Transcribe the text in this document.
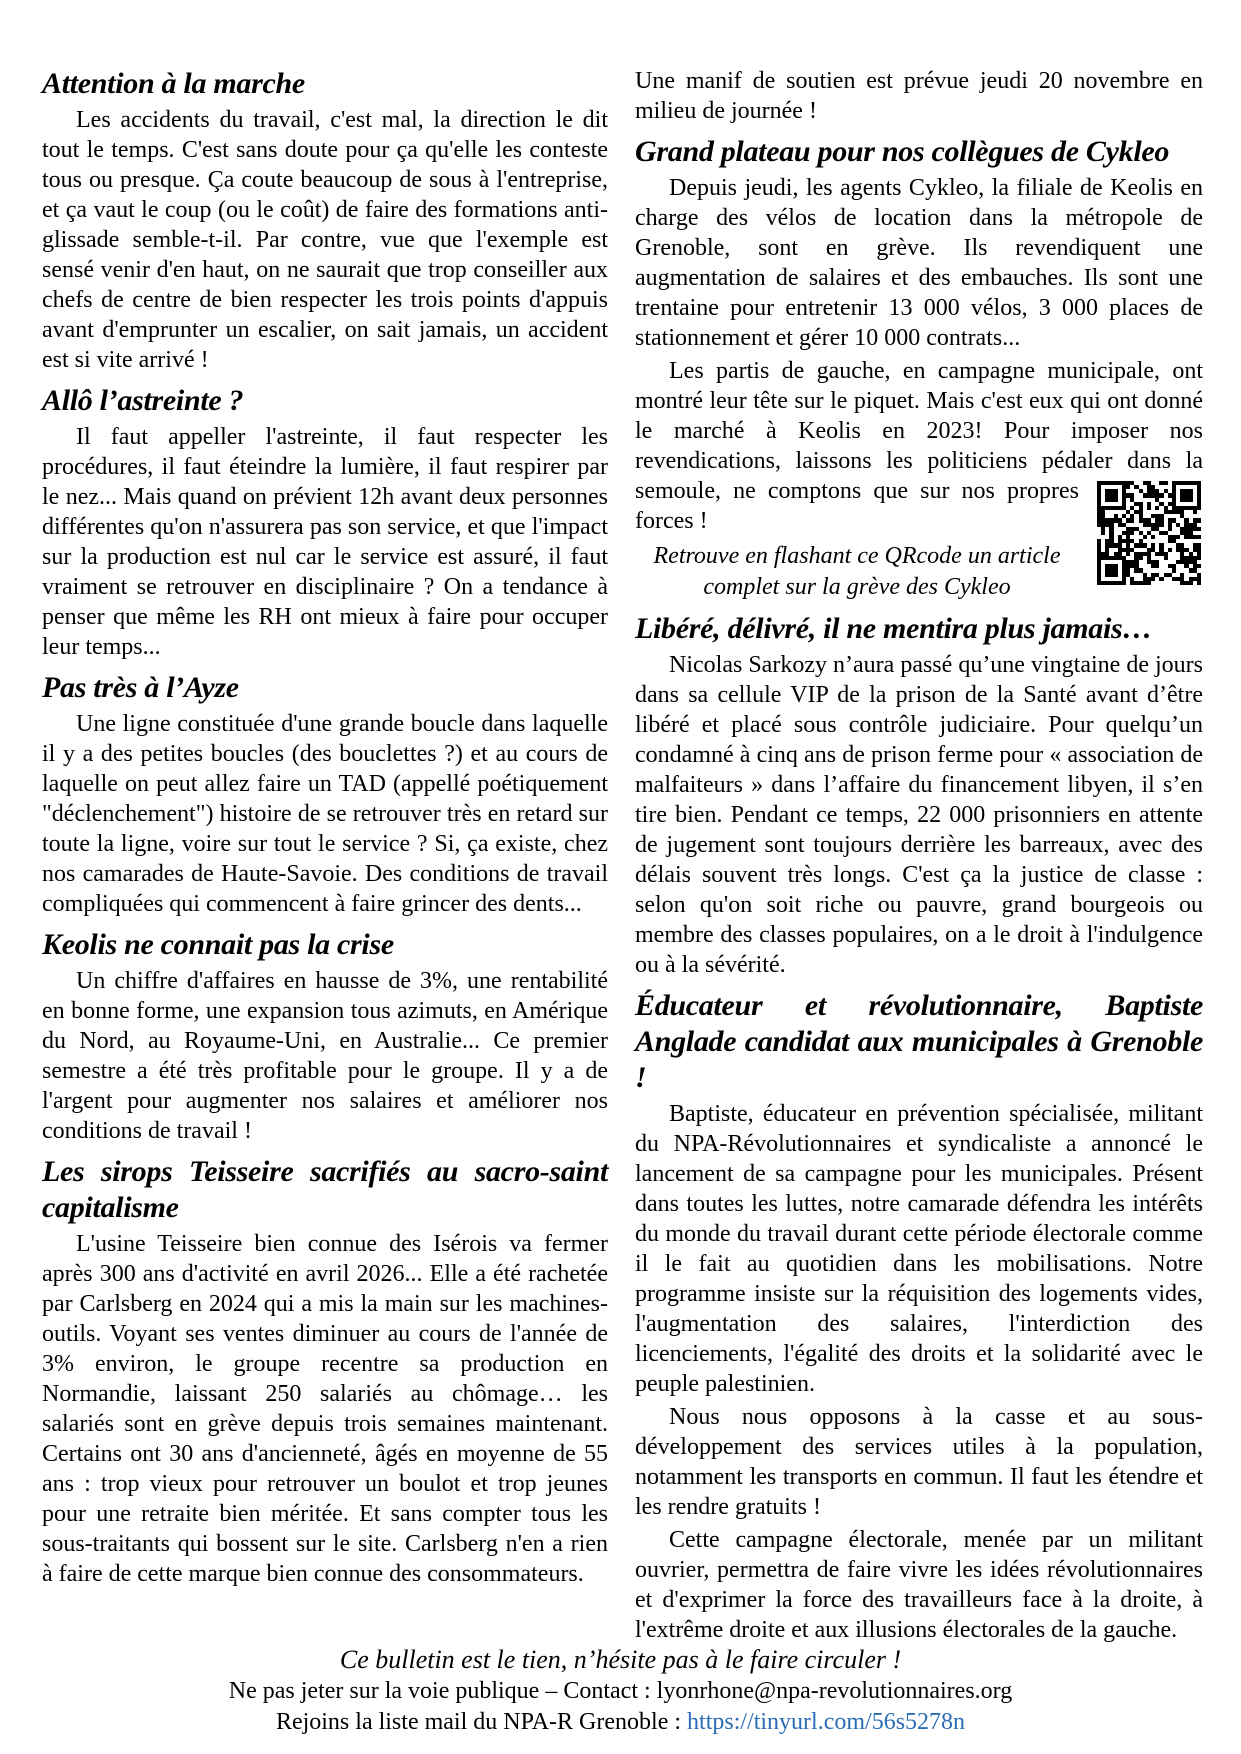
Attention à la marche

Les accidents du travail, c'est mal, la direction le dit tout le temps. C'est sans doute pour ça qu'elle les conteste tous ou presque. Ça coute beaucoup de sous à l'entreprise, et ça vaut le coup (ou le coût) de faire des formations anti-glissade semble-t-il. Par contre, vue que l'exemple est sensé venir d'en haut, on ne saurait que trop conseiller aux chefs de centre de bien respecter les trois points d'appuis avant d'emprunter un escalier, on sait jamais, un accident est si vite arrivé !

Allô l’astreinte ?

Il faut appeller l'astreinte, il faut respecter les procédures, il faut éteindre la lumière, il faut respirer par le nez... Mais quand on prévient 12h avant deux personnes différentes qu'on n'assurera pas son service, et que l'impact sur la production est nul car le service est assuré, il faut vraiment se retrouver en disciplinaire ? On a tendance à penser que même les RH ont mieux à faire pour occuper leur temps...

Pas très à l’Ayze

Une ligne constituée d'une grande boucle dans laquelle il y a des petites boucles (des bouclettes ?) et au cours de laquelle on peut allez faire un TAD (appellé poétiquement "déclenchement") histoire de se retrouver très en retard sur toute la ligne, voire sur tout le service ? Si, ça existe, chez nos camarades de Haute-Savoie. Des conditions de travail compliquées qui commencent à faire grincer des dents...

Keolis ne connait pas la crise

Un chiffre d'affaires en hausse de 3%, une rentabilité en bonne forme, une expansion tous azimuts, en Amérique du Nord, au Royaume-Uni, en Australie... Ce premier semestre a été très profitable pour le groupe. Il y a de l'argent pour augmenter nos salaires et améliorer nos conditions de travail !

Les sirops Teisseire sacrifiés au sacro-saint capitalisme

L'usine Teisseire bien connue des Isérois va fermer après 300 ans d'activité en avril 2026... Elle a été rachetée par Carlsberg en 2024 qui a mis la main sur les machines-outils. Voyant ses ventes diminuer au cours de l'année de 3% environ, le groupe recentre sa production en Normandie, laissant 250 salariés au chômage… les salariés sont en grève depuis trois semaines maintenant. Certains ont 30 ans d'ancienneté, âgés en moyenne de 55 ans : trop vieux pour retrouver un boulot et trop jeunes pour une retraite bien méritée. Et sans compter tous les sous-traitants qui bossent sur le site. Carlsberg n'en a rien à faire de cette marque bien connue des consommateurs.

Une manif de soutien est prévue jeudi 20 novembre en milieu de journée !

Grand plateau pour nos collègues de Cykleo

Depuis jeudi, les agents Cykleo, la filiale de Keolis en charge des vélos de location dans la métropole de Grenoble, sont en grève. Ils revendiquent une augmentation de salaires et des embauches. Ils sont une trentaine pour entretenir 13 000 vélos, 3 000 places de stationnement et gérer 10 000 contrats...

Les partis de gauche, en campagne municipale, ont montré leur tête sur le piquet. Mais c'est eux qui ont donné le marché à Keolis en 2023! Pour imposer nos revendications, laissons les politiciens pédaler dans la
semoule, ne comptons que sur nos propres forces !

Retrouve en flashant ce QRcode un article complet sur la grève des Cykleo

Libéré, délivré, il ne mentira plus jamais…

Nicolas Sarkozy n’aura passé qu’une vingtaine de jours dans sa cellule VIP de la prison de la Santé avant d’être libéré et placé sous contrôle judiciaire. Pour quelqu’un condamné à cinq ans de prison ferme pour « association de malfaiteurs » dans l’affaire du financement libyen, il s’en tire bien. Pendant ce temps, 22 000 prisonniers en attente de jugement sont toujours derrière les barreaux, avec des délais souvent très longs. C'est ça la justice de classe : selon qu'on soit riche ou pauvre, grand bourgeois ou membre des classes populaires, on a le droit à l'indulgence ou à la sévérité.

Éducateur et révolutionnaire, Baptiste Anglade candidat aux municipales à Grenoble !

Baptiste, éducateur en prévention spécialisée, militant du NPA-Révolutionnaires et syndicaliste a annoncé le lancement de sa campagne pour les municipales. Présent dans toutes les luttes, notre camarade défendra les intérêts du monde du travail durant cette période électorale comme il le fait au quotidien dans les mobilisations. Notre programme insiste sur la réquisition des logements vides, l'augmentation des salaires, l'interdiction des licenciements, l'égalité des droits et la solidarité avec le peuple palestinien.

Nous nous opposons à la casse et au sous-développement des services utiles à la population, notamment les transports en commun. Il faut les étendre et les rendre gratuits !

Cette campagne électorale, menée par un militant ouvrier, permettra de faire vivre les idées révolutionnaires et d'exprimer la force des travailleurs face à la droite, à l'extrême droite et aux illusions électorales de la gauche.

Ce bulletin est le tien, n’hésite pas à le faire circuler !

Ne pas jeter sur la voie publique – Contact : lyonrhone@npa-revolutionnaires.org

Rejoins la liste mail du NPA-R Grenoble : https://tinyurl.com/56s5278n
